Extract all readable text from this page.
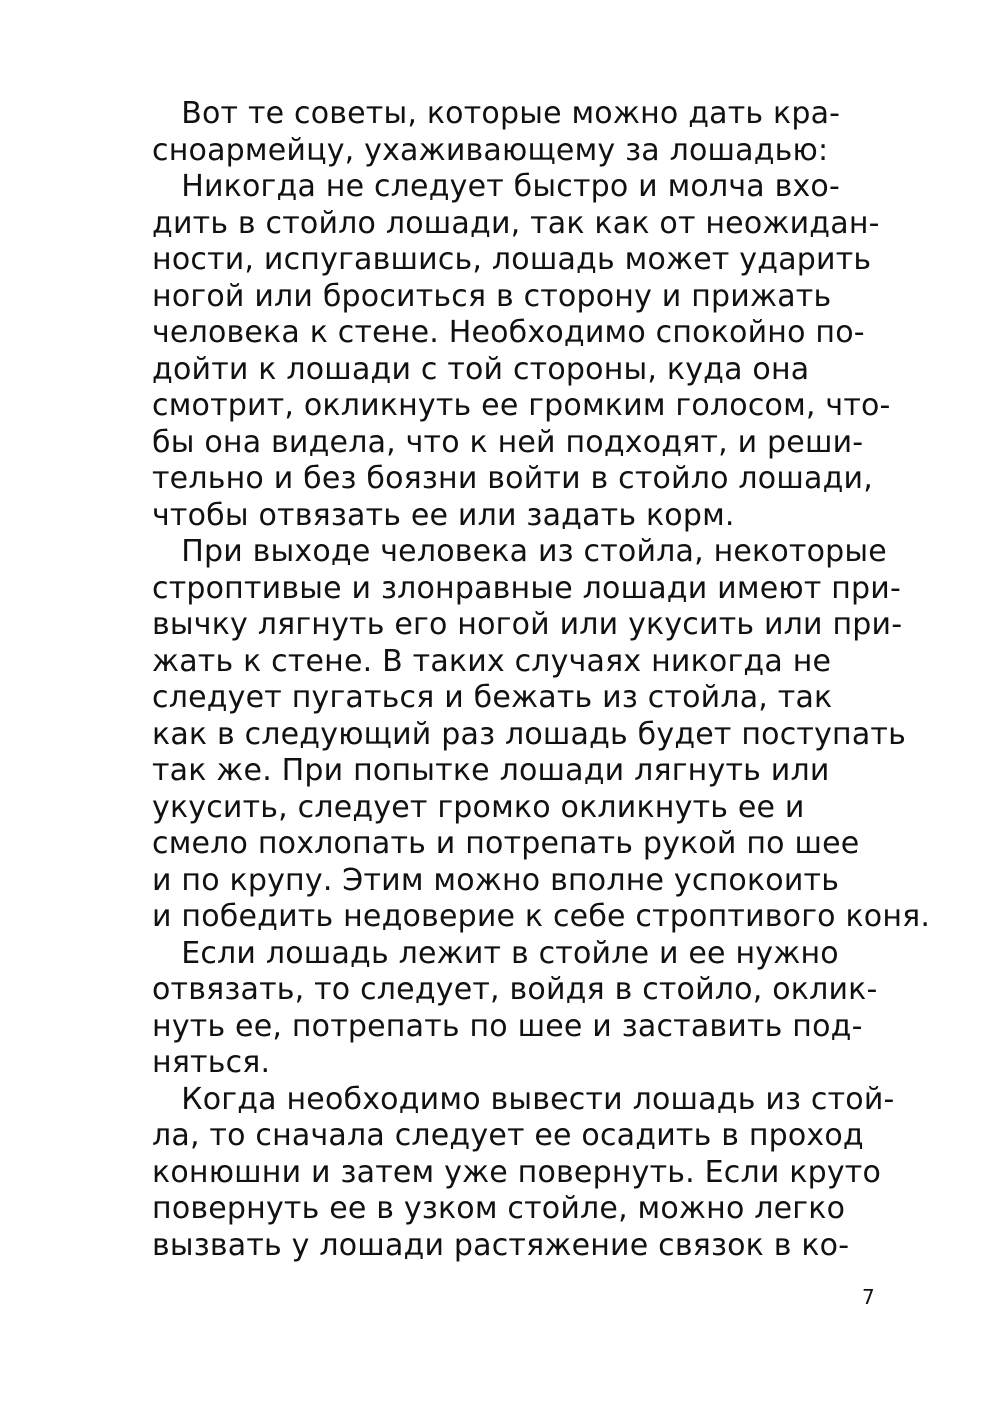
Вот те советы, которые можно дать кра-
сноармейцу, ухаживающему за лошадью:
Никогда не следует быстро и молча вхо-
дить в стойло лошади, так как от неожидан-
ности, испугавшись, лошадь может ударить
ногой или броситься в сторону и прижать
человека к стене. Необходимо спокойно по-
дойти к лошади с той стороны, куда она
смотрит, окликнуть ее громким голосом, что-
бы она видела, что к ней подходят, и реши-
тельно и без боязни войти в стойло лошади,
чтобы отвязать ее или задать корм.
При выходе человека из стойла, некоторые
строптивые и злонравные лошади имеют при-
вычку лягнуть его ногой или укусить или при-
жать к стене. В таких случаях никогда не
следует пугаться и бежать из стойла, так
как в следующий раз лошадь будет поступать
так же. При попытке лошади лягнуть или
укусить, следует громко окликнуть ее и
смело похлопать и потрепать рукой по шее
и по крупу. Этим можно вполне успокоить
и победить недоверие к себе строптивого коня.
Если лошадь лежит в стойле и ее нужно
отвязать, то следует, войдя в стойло, оклик-
нуть ее, потрепать по шее и заставить под-
няться.
Когда необходимо вывести лошадь из стой-
ла, то сначала следует ее осадить в проход
конюшни и затем уже повернуть. Если круто
повернуть ее в узком стойле, можно легко
вызвать у лошади растяжение связок в ко-
7
